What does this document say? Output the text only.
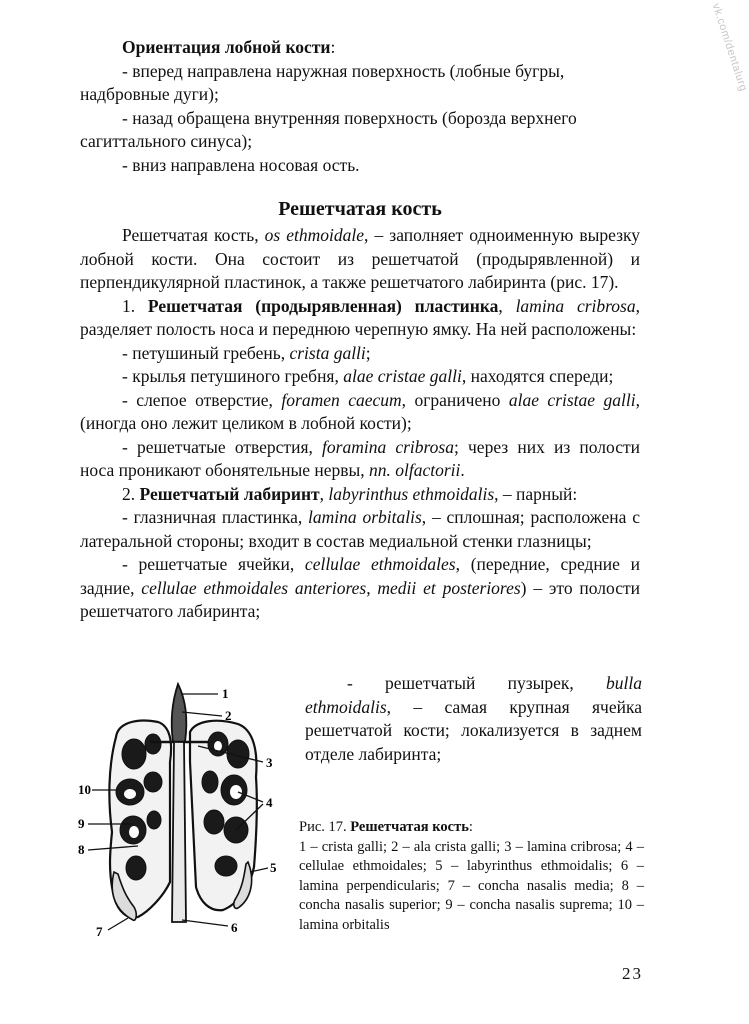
vk.com/dentalurg

Ориентация лобной кости:

- вперед направлена наружная поверхность (лобные бугры, надбровные дуги);

- назад обращена внутренняя поверхность (борозда верхнего сагиттального синуса);

- вниз направлена носовая ость.

Решетчатая кость

Решетчатая кость, os ethmoidale, – заполняет одноименную вырезку лобной кости. Она состоит из решетчатой (продырявленной) и перпендикулярной пластинок, а также решетчатого лабиринта (рис. 17).

1. Решетчатая (продырявленная) пластинка, lamina cribrosa, разделяет полость носа и переднюю черепную ямку. На ней расположены:

- петушиный гребень, crista galli;

- крылья петушиного гребня, alae cristae galli, находятся спереди;

- слепое отверстие, foramen caecum, ограничено alae cristae galli, (иногда оно лежит целиком в лобной кости);

- решетчатые отверстия, foramina cribrosa; через них из полости носа проникают обонятельные нервы, nn. olfactorii.

2. Решетчатый лабиринт, labyrinthus ethmoidalis, – парный:

- глазничная пластинка, lamina orbitalis, – сплошная; расположена с латеральной стороны; входит в состав медиальной стенки глазницы;

- решетчатые ячейки, cellulae ethmoidales, (передние, средние и задние, cellulae ethmoidales anteriores, medii et posteriores) – это полости решетчатого лабиринта;

- решетчатый пузырек, bulla ethmoidalis, – самая крупная ячейка решетчатой кости; локализуется в заднем отделе лабиринта;

1
2
3
4
5
6
7
8
9
10

Рис. 17. Решетчатая кость:
1 – crista galli; 2 – ala crista galli; 3 – lamina cribrosa; 4 – cellulae ethmoidales; 5 – labyrinthus ethmoidalis; 6 – lamina perpendicularis; 7 – concha nasalis media; 8 – concha nasalis superior; 9 – concha nasalis suprema; 10 – lamina orbitalis

23
